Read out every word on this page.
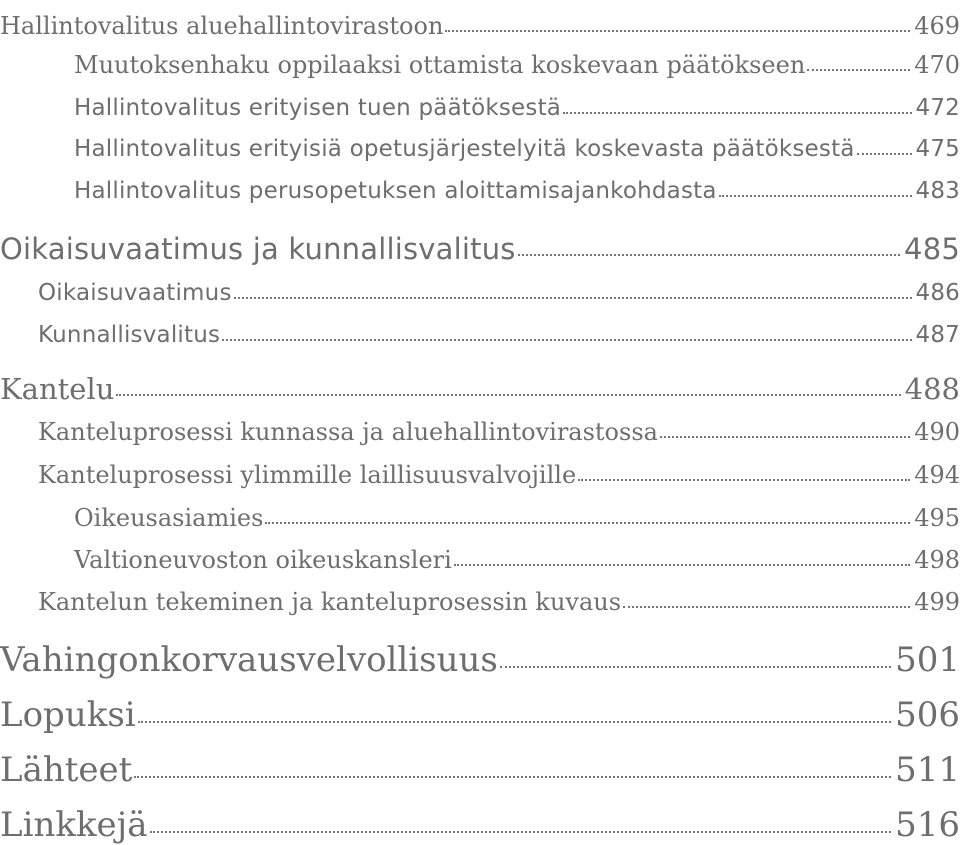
Hallintovalitus aluehallintovirastoon	469
Muutoksenhaku oppilaaksi ottamista koskevaan päätökseen	470
Hallintovalitus erityisen tuen päätöksestä	472
Hallintovalitus erityisiä opetusjärjestelyitä koskevasta päätöksestä	475
Hallintovalitus perusopetuksen aloittamisajankohdasta	483
Oikaisuvaatimus ja kunnallisvalitus	485
Oikaisuvaatimus	486
Kunnallisvalitus	487
Kantelu	488
Kanteluprosessi kunnassa ja aluehallintovirastossa	490
Kanteluprosessi ylimmille laillisuusvalvojille	494
Oikeusasiamies	495
Valtioneuvoston oikeuskansleri	498
Kantelun tekeminen ja kanteluprosessin kuvaus	499
Vahingonkorvausvelvollisuus	501
Lopuksi	506
Lähteet	511
Linkkejä	516
